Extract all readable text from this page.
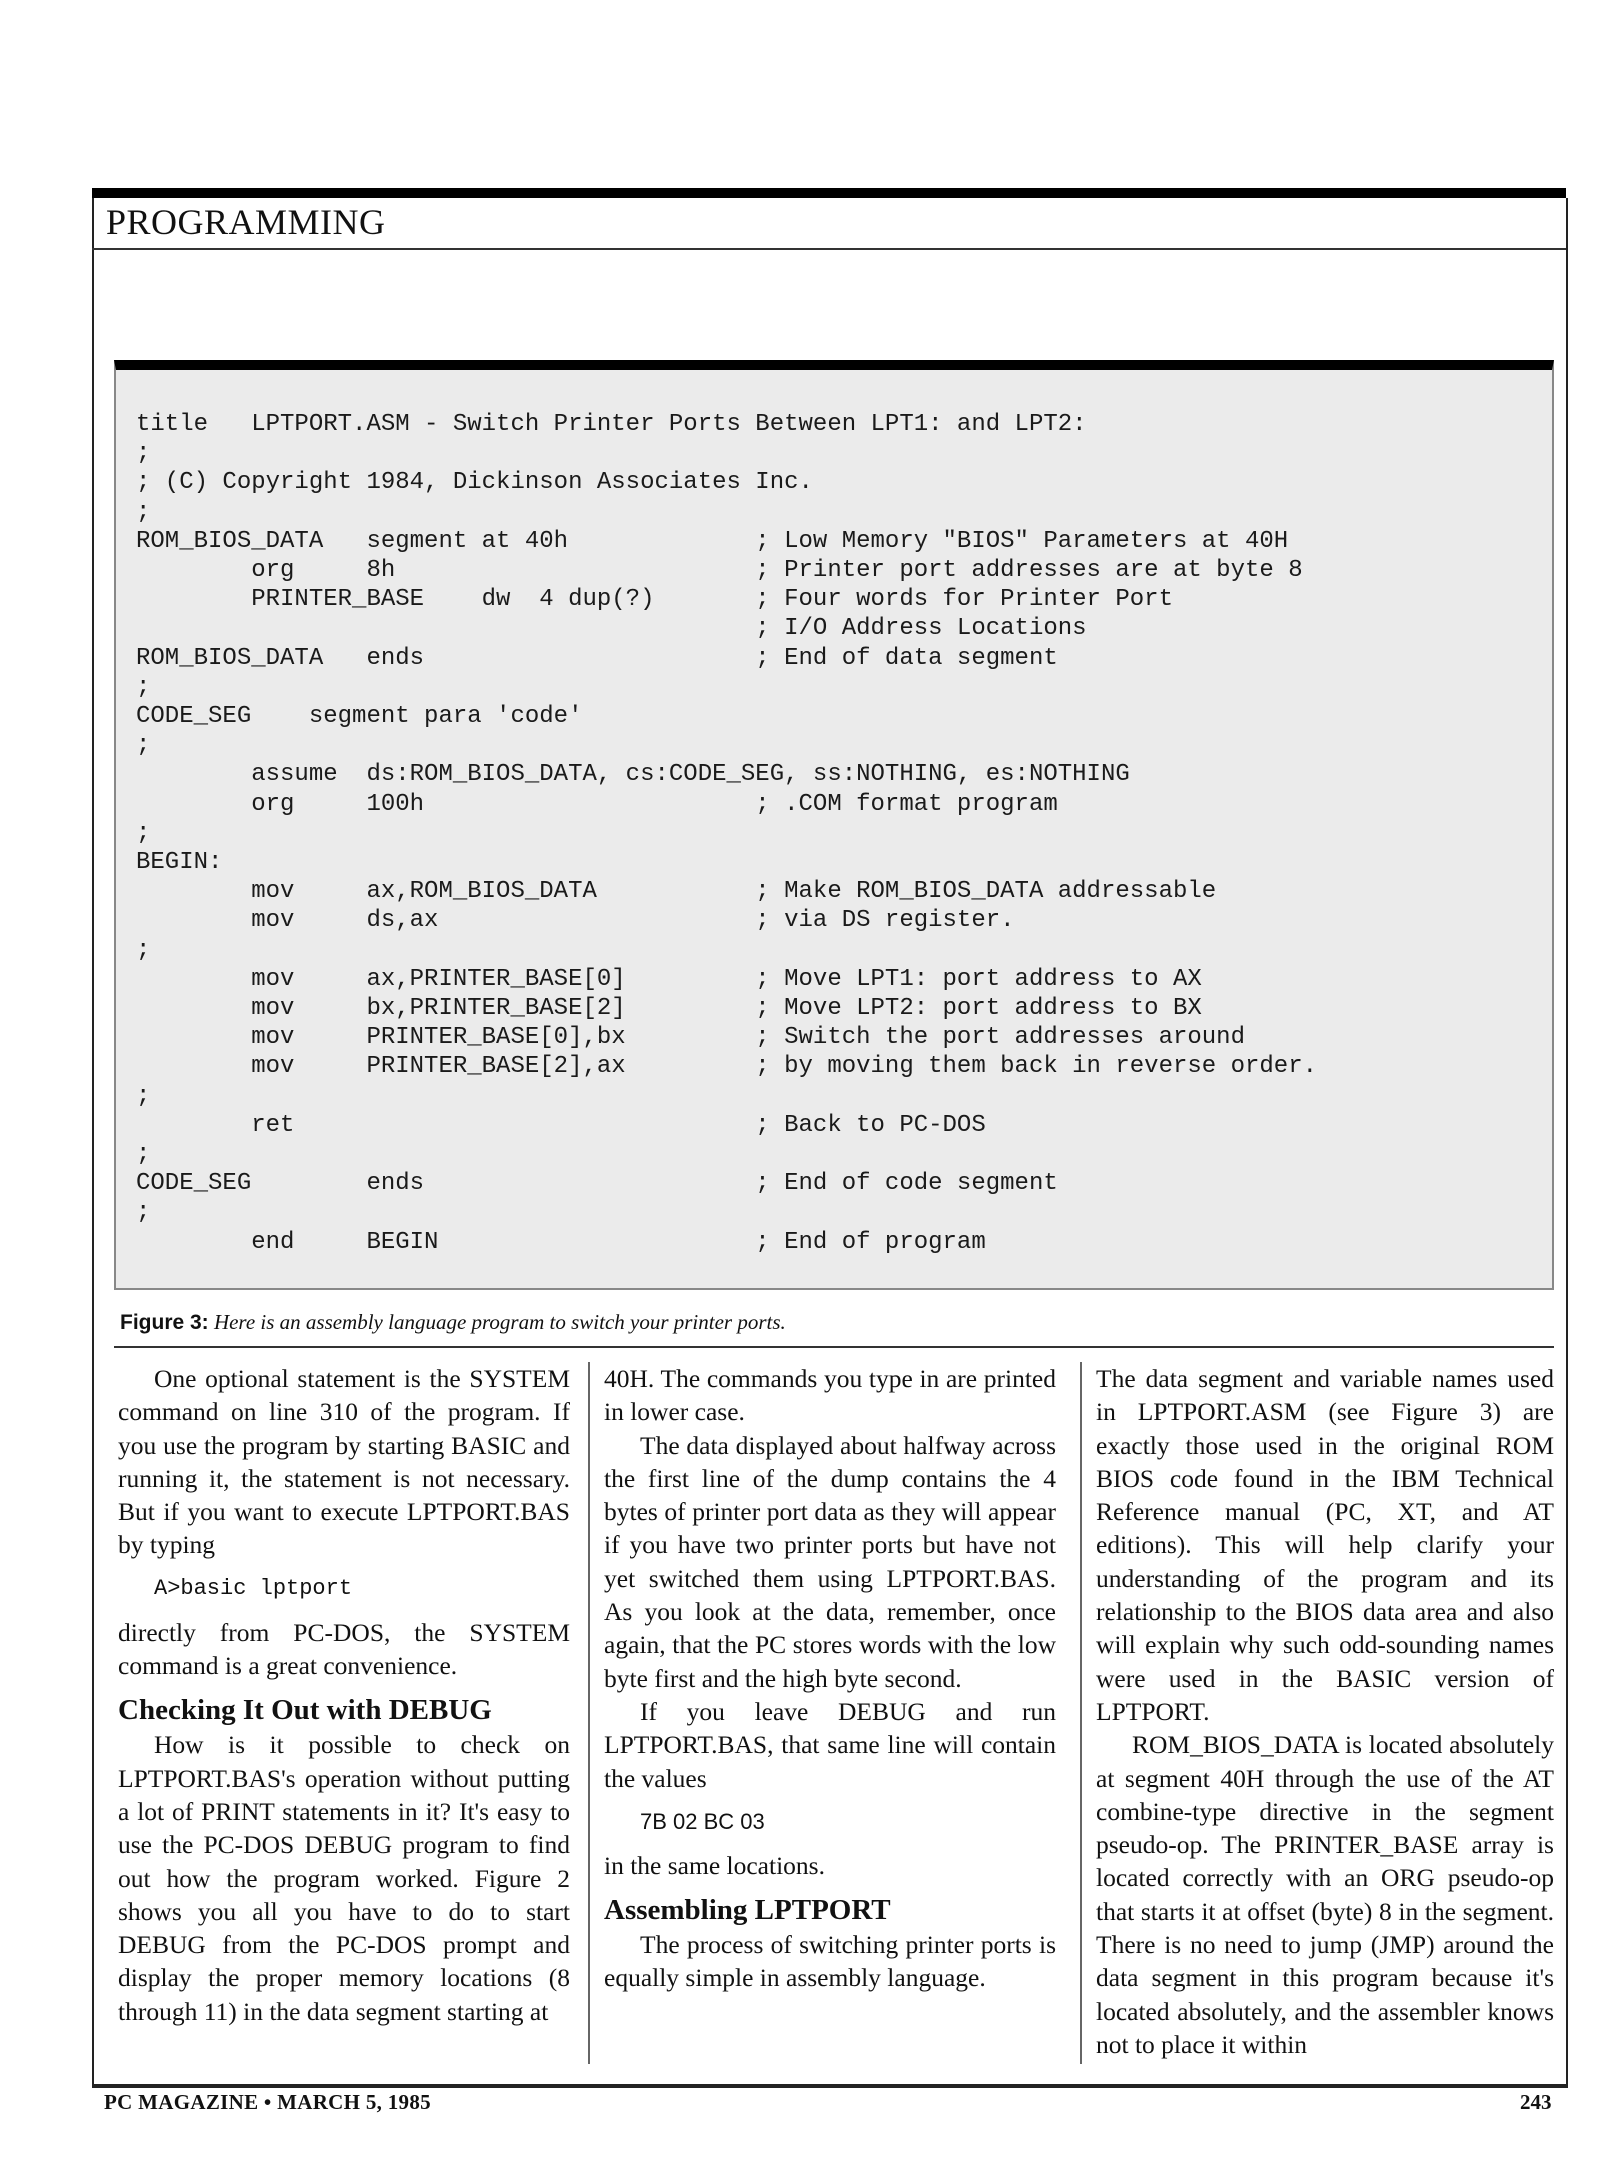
PROGRAMMING
title   LPTPORT.ASM - Switch Printer Ports Between LPT1: and LPT2:
;
; (C) Copyright 1984, Dickinson Associates Inc.
;
ROM_BIOS_DATA   segment at 40h             ; Low Memory "BIOS" Parameters at 40H
org     8h                         ; Printer port addresses are at byte 8
PRINTER_BASE    dw  4 dup(?)       ; Four words for Printer Port
; I/O Address Locations
ROM_BIOS_DATA   ends                       ; End of data segment
;
CODE_SEG    segment para 'code'
;
assume  ds:ROM_BIOS_DATA, cs:CODE_SEG, ss:NOTHING, es:NOTHING
org     100h                       ; .COM format program
;
BEGIN:
mov     ax,ROM_BIOS_DATA           ; Make ROM_BIOS_DATA addressable
mov     ds,ax                      ; via DS register.
;
mov     ax,PRINTER_BASE[0]         ; Move LPT1: port address to AX
mov     bx,PRINTER_BASE[2]         ; Move LPT2: port address to BX
mov     PRINTER_BASE[0],bx         ; Switch the port addresses around
mov     PRINTER_BASE[2],ax         ; by moving them back in reverse order.
;
ret                                ; Back to PC-DOS
;
CODE_SEG        ends                       ; End of code segment
;
end     BEGIN                      ; End of program
Figure 3: Here is an assembly language program to switch your printer ports.

One optional statement is the SYSTEM command on line 310 of the program. If you use the program by starting BASIC and running it, the statement is not necessary. But if you want to execute LPTPORT.BAS by typing

A>basic lptport

directly from PC-DOS, the SYSTEM command is a great convenience.

Checking It Out with DEBUG

How is it possible to check on LPTPORT.BAS's operation without putting a lot of PRINT statements in it? It's easy to use the PC-DOS DEBUG program to find out how the program worked. Figure 2 shows you all you have to do to start DEBUG from the PC-DOS prompt and display the proper memory locations (8 through 11) in the data segment starting at

40H. The commands you type in are printed in lower case.

The data displayed about halfway across the first line of the dump contains the 4 bytes of printer port data as they will appear if you have two printer ports but have not yet switched them using LPTPORT.BAS. As you look at the data, remember, once again, that the PC stores words with the low byte first and the high byte second.

If you leave DEBUG and run LPTPORT.BAS, that same line will contain the values

7B 02 BC 03

in the same locations.

Assembling LPTPORT

The process of switching printer ports is equally simple in assembly language.

The data segment and variable names used in LPTPORT.ASM (see Figure 3) are exactly those used in the original ROM BIOS code found in the IBM Technical Reference manual (PC, XT, and AT editions). This will help clarify your understanding of the program and its relationship to the BIOS data area and also will explain why such odd-sounding names were used in the BASIC version of LPTPORT.

ROM_BIOS_DATA is located absolutely at segment 40H through the use of the AT combine-type directive in the segment pseudo-op. The PRINTER_BASE array is located correctly with an ORG pseudo-op that starts it at offset (byte) 8 in the segment. There is no need to jump (JMP) around the data segment in this program because it's located absolutely, and the assembler knows not to place it within

PC MAGAZINE • MARCH 5, 1985	243
